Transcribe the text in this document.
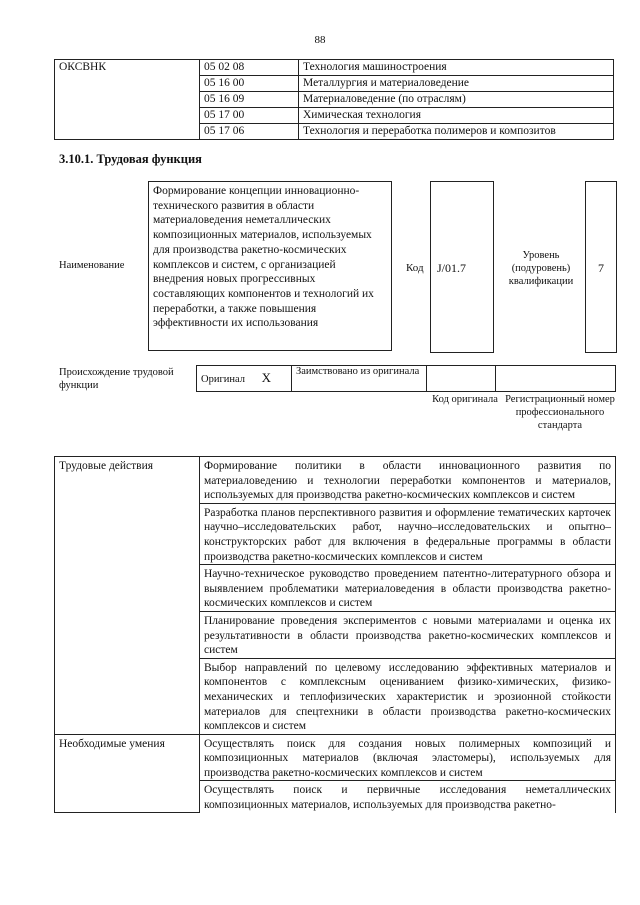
88
ОКСВНК	05 02 08	Технология машиностроения
	05 16 00	Металлургия и материаловедение
	05 16 09	Материаловедение (по отраслям)
	05 17 00	Химическая технология
	05 17 06	Технология и переработка полимеров и композитов
3.10.1. Трудовая функция
Наименование
Формирование концепции инновационно-технического развития в области материаловедения неметаллических композиционных материалов, используемых для производства ракетно-космических комплексов и систем, с организацией внедрения новых прогрессивных составляющих компонентов и технологий их переработки, а также повышения эффективности их использования
Код J/01.7
Уровень (подуровень) квалификации
7
Происхождение трудовой функции
Оригинал X	Заимствовано из оригинала		
Код оригинала Регистрационный номер профессионального стандарта
Трудовые действия	Формирование политики в области инновационного развития по материаловедению и технологии переработки компонентов и материалов, используемых для производства ракетно-космических комплексов и систем
	Разработка планов перспективного развития и оформление тематических карточек научно–исследовательских работ, научно–исследовательских и опытно–конструкторских работ для включения в федеральные программы в области производства ракетно-космических комплексов и систем
	Научно-техническое руководство проведением патентно-литературного обзора и выявлением проблематики материаловедения в области производства ракетно-космических комплексов и систем
	Планирование проведения экспериментов с новыми материалами и оценка их результативности в области производства ракетно-космических комплексов и систем
	Выбор направлений по целевому исследованию эффективных материалов и компонентов с комплексным оцениванием физико-химических, физико-механических и теплофизических характеристик и эрозионной стойкости материалов для спецтехники в области производства ракетно-космических комплексов и систем
Необходимые умения	Осуществлять поиск для создания новых полимерных композиций и композиционных материалов (включая эластомеры), используемых для производства ракетно-космических комплексов и систем
	Осуществлять поиск и первичные исследования неметаллических композиционных материалов, используемых для производства ракетно-
